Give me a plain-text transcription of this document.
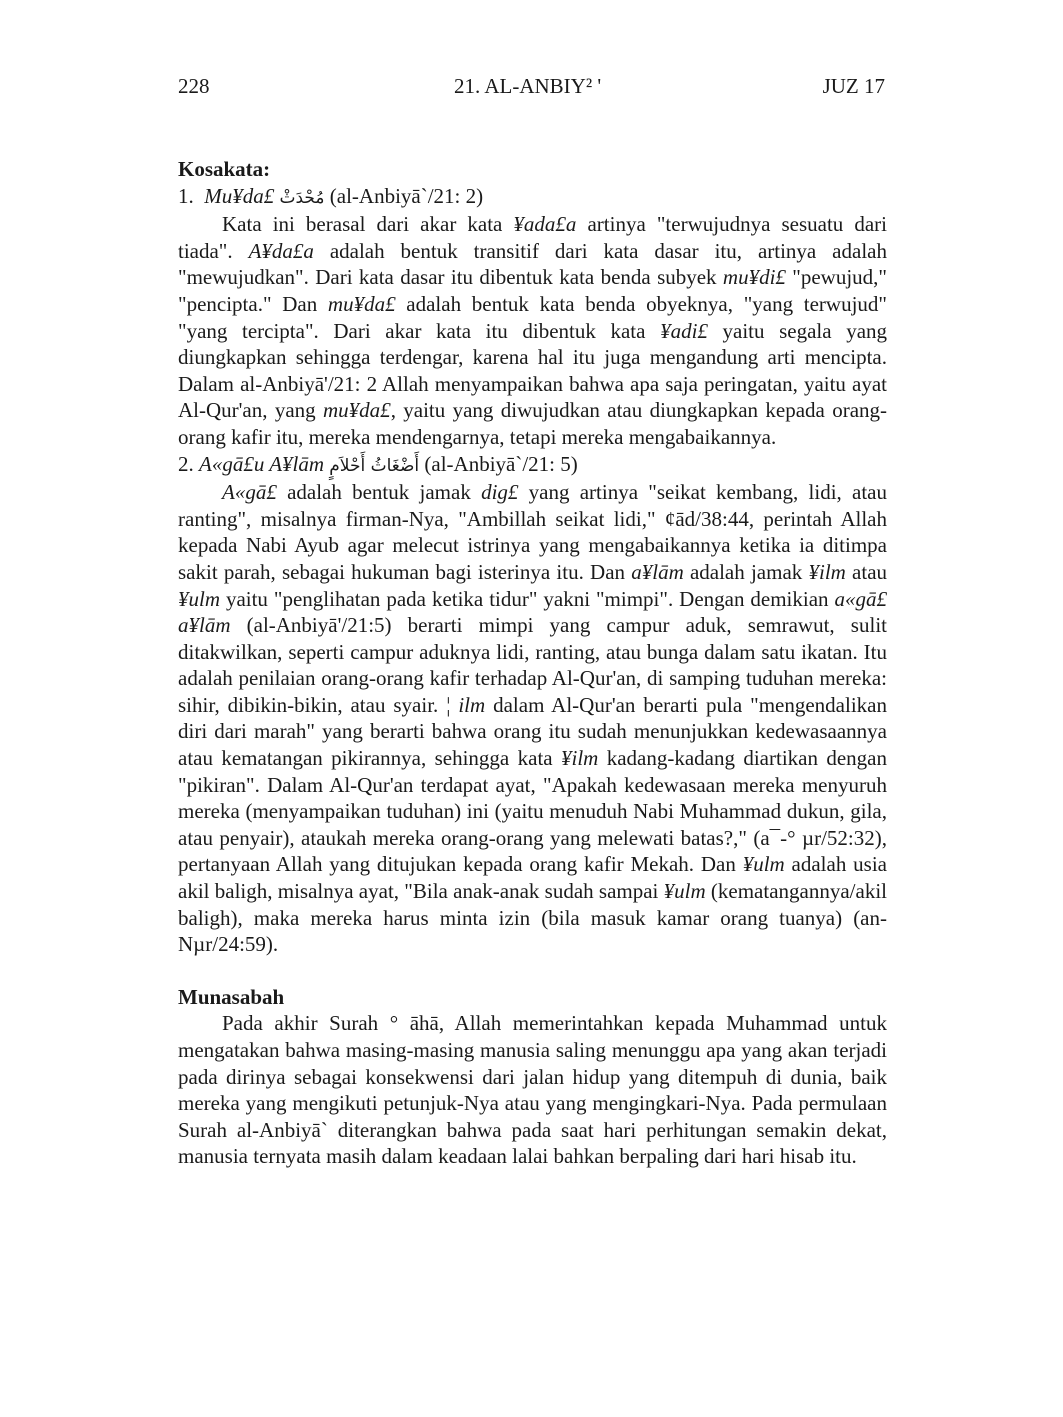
228	21. AL-ANBIY² '	JUZ 17

Kosakata:

1. Mu¥da£ مُحْدَثْ (al-Anbiyā`/21: 2)

Kata ini berasal dari akar kata ¥ada£a artinya "terwujudnya sesuatu dari tiada". A¥da£a adalah bentuk transitif dari kata dasar itu, artinya adalah "mewujudkan". Dari kata dasar itu dibentuk kata benda subyek mu¥di£ "pewujud," "pencipta." Dan mu¥da£ adalah bentuk kata benda obyeknya, "yang terwujud" "yang tercipta". Dari akar kata itu dibentuk kata ¥adi£ yaitu segala yang diungkapkan sehingga terdengar, karena hal itu juga mengandung arti mencipta. Dalam al-Anbiyā'/21: 2 Allah menyampaikan bahwa apa saja peringatan, yaitu ayat Al-Qur'an, yang mu¥da£, yaitu yang diwujudkan atau diungkapkan kepada orang-orang kafir itu, mereka mendengarnya, tetapi mereka mengabaikannya.

2. A«gā£u A¥lām أَضْغَاثُ أَحْلاَمٍ (al-Anbiyā`/21: 5)

A«gā£ adalah bentuk jamak dig£ yang artinya "seikat kembang, lidi, atau ranting", misalnya firman-Nya, "Ambillah seikat lidi," ¢ād/38:44, perintah Allah kepada Nabi Ayub agar melecut istrinya yang mengabaikannya ketika ia ditimpa sakit parah, sebagai hukuman bagi isterinya itu. Dan a¥lām adalah jamak ¥ilm atau ¥ulm yaitu "penglihatan pada ketika tidur" yakni "mimpi". Dengan demikian a«gā£ a¥lām (al-Anbiyā'/21:5) berarti mimpi yang campur aduk, semrawut, sulit ditakwilkan, seperti campur aduknya lidi, ranting, atau bunga dalam satu ikatan. Itu adalah penilaian orang-orang kafir terhadap Al-Qur'an, di samping tuduhan mereka: sihir, dibikin-bikin, atau syair. ¦ ilm dalam Al-Qur'an berarti pula "mengendalikan diri dari marah" yang berarti bahwa orang itu sudah menunjukkan kedewasaannya atau kematangan pikirannya, sehingga kata ¥ilm kadang-kadang diartikan dengan "pikiran". Dalam Al-Qur'an terdapat ayat, "Apakah kedewasaan mereka menyuruh mereka (menyampaikan tuduhan) ini (yaitu menuduh Nabi Muhammad dukun, gila, atau penyair), ataukah mereka orang-orang yang melewati batas?," (a¯-° µr/52:32), pertanyaan Allah yang ditujukan kepada orang kafir Mekah. Dan ¥ulm adalah usia akil baligh, misalnya ayat, "Bila anak-anak sudah sampai ¥ulm (kematangannya/akil baligh), maka mereka harus minta izin (bila masuk kamar orang tuanya) (an-Nµr/24:59).

Munasabah

Pada akhir Surah ° āhā, Allah memerintahkan kepada Muhammad untuk mengatakan bahwa masing-masing manusia saling menunggu apa yang akan terjadi pada dirinya sebagai konsekwensi dari jalan hidup yang ditempuh di dunia, baik mereka yang mengikuti petunjuk-Nya atau yang mengingkari-Nya. Pada permulaan Surah al-Anbiyā` diterangkan bahwa pada saat hari perhitungan semakin dekat, manusia ternyata masih dalam keadaan lalai bahkan berpaling dari hari hisab itu.
